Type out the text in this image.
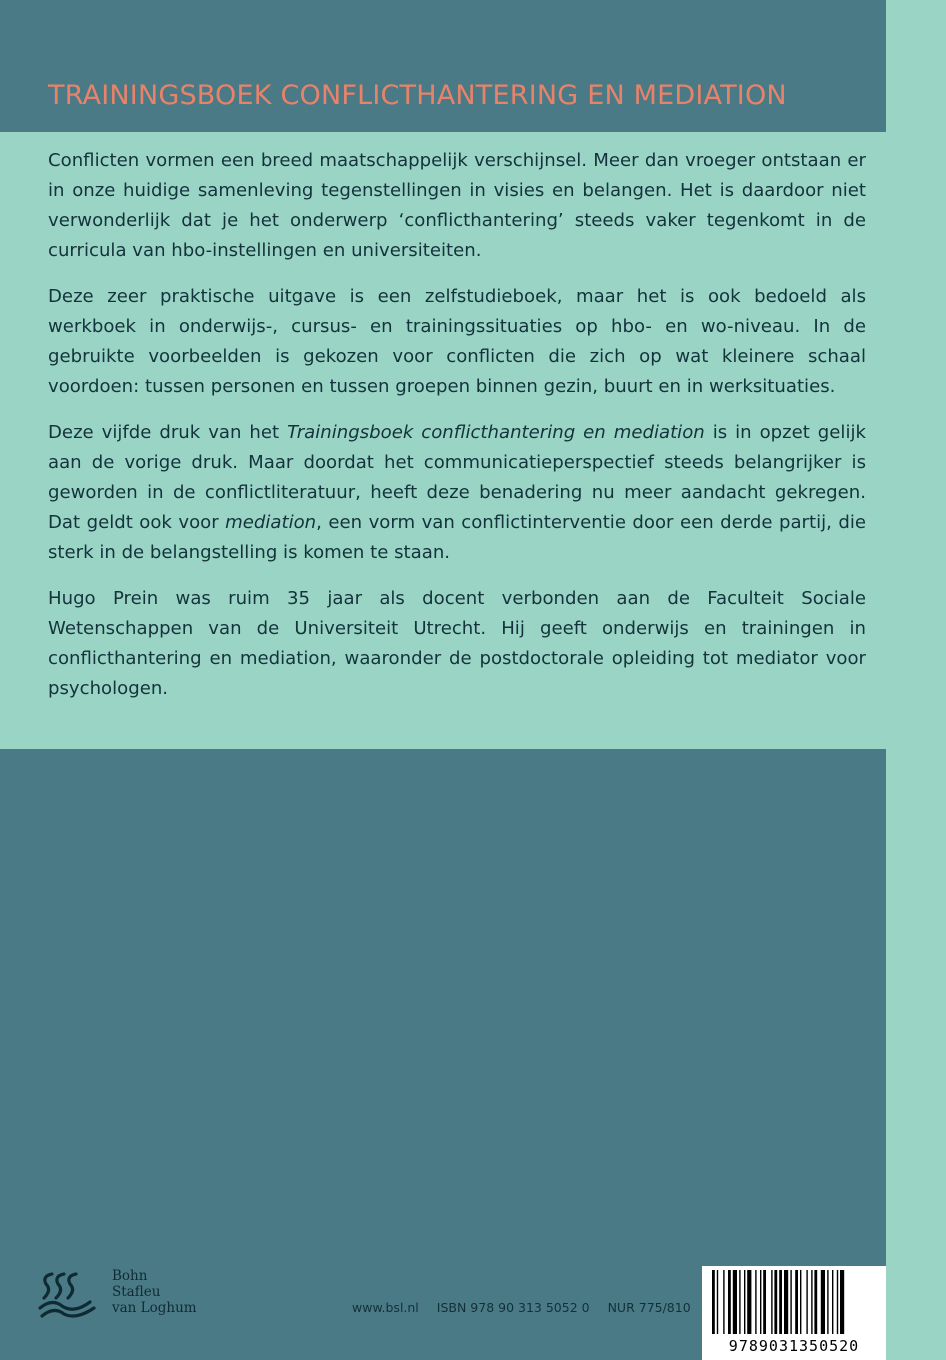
TRAININGSBOEK CONFLICTHANTERING EN MEDIATION

Conflicten vormen een breed maatschappelijk verschijnsel. Meer dan vroeger ontstaan er in onze huidige samenleving tegenstellingen in visies en belangen. Het is daardoor niet verwonderlijk dat je het onderwerp ‘conflicthantering’ steeds vaker tegenkomt in de curricula van hbo-instellingen en universiteiten.

Deze zeer praktische uitgave is een zelfstudieboek, maar het is ook bedoeld als werkboek in onderwijs-, cursus- en trainingssituaties op hbo- en wo-niveau. In de gebruikte voorbeelden is gekozen voor conflicten die zich op wat kleinere schaal voordoen: tussen personen en tussen groepen binnen gezin, buurt en in werksituaties.

Deze vijfde druk van het Trainingsboek conflicthantering en mediation is in opzet gelijk aan de vorige druk. Maar doordat het communicatieperspectief steeds belangrijker is geworden in de conflictliteratuur, heeft deze benadering nu meer aandacht gekregen. Dat geldt ook voor mediation, een vorm van conflictinterventie door een derde partij, die sterk in de belangstelling is komen te staan.

Hugo Prein was ruim 35 jaar als docent verbonden aan de Faculteit Sociale Wetenschappen van de Universiteit Utrecht. Hij geeft onderwijs en trainingen in conflicthantering en mediation, waaronder de postdoctorale opleiding tot mediator voor psychologen.

Bohn
Stafleu
van Loghum	www.bsl.nl ISBN 978 90 313 5052 0 NUR 775/810
9789031350520
